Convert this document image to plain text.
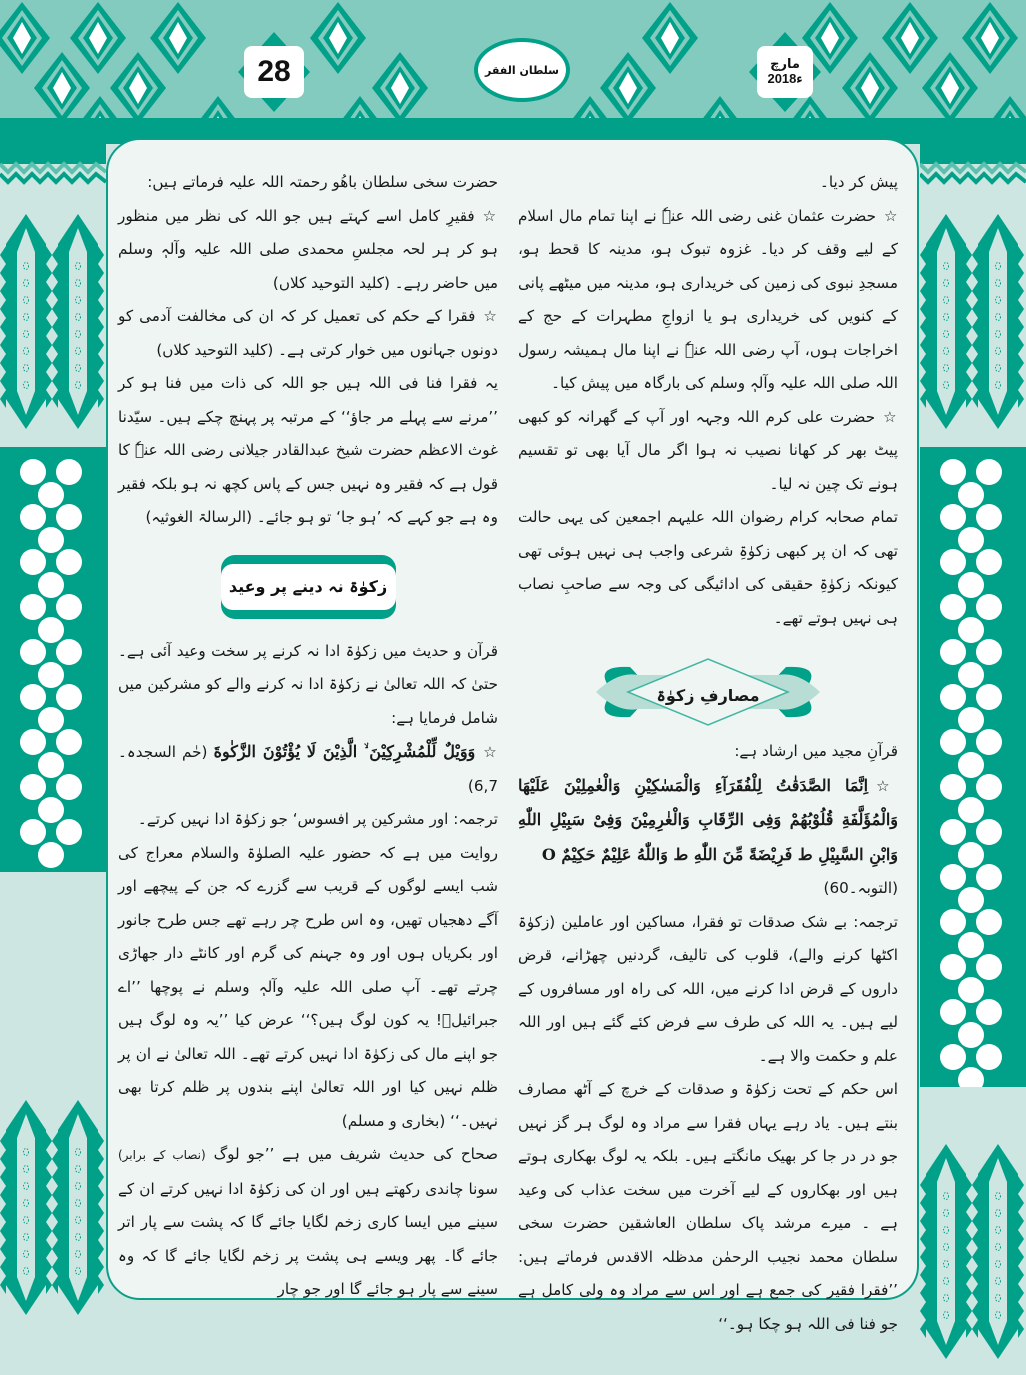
28	سلطان الفقر	مارچ
2018ء

پیش کر دیا۔

☆حضرت عثمان غنی رضی اللہ عنہٗ نے اپنا تمام مال اسلام کے لیے وقف کر دیا۔ غزوہ تبوک ہو، مدینہ کا قحط ہو، مسجدِ نبوی کی زمین کی خریداری ہو، مدینہ میں میٹھے پانی کے کنویں کی خریداری ہو یا ازواجِ مطہرات کے حج کے اخراجات ہوں، آپ رضی اللہ عنہٗ نے اپنا مال ہمیشہ رسول اللہ صلی اللہ علیہ وآلہٖ وسلم کی بارگاہ میں پیش کیا۔

☆حضرت علی کرم اللہ وجہہ اور آپ کے گھرانہ کو کبھی پیٹ بھر کر کھانا نصیب نہ ہوا اگر مال آیا بھی تو تقسیم ہونے تک چین نہ لیا۔

تمام صحابہ کرام رضوان اللہ علیہم اجمعین کی یہی حالت تھی کہ ان پر کبھی زکوٰۃِ شرعی واجب ہی نہیں ہوئی تھی کیونکہ زکوٰۃِ حقیقی کی ادائیگی کی وجہ سے صاحبِ نصاب ہی نہیں ہوتے تھے۔

مصارفِ زکوٰۃ

قرآنِ مجید میں ارشاد ہے:

☆اِنَّمَا الصَّدَقٰتُ لِلْفُقَرَآءِ وَالْمَسٰكِيْنِ وَالْعٰمِلِيْنَ عَلَيْهَا وَالْمُؤَلَّفَةِ قُلُوْبُهُمْ وَفِى الرِّقَابِ وَالْغٰرِمِيْنَ وَفِىْ سَبِيْلِ اللّٰهِ وَابْنِ السَّبِيْلِ ط فَرِيْضَةً مِّنَ اللّٰهِ ط وَاللّٰهُ عَلِيْمٌ حَكِيْمٌ O

(التوبہ۔60)

ترجمہ: بے شک صدقات تو فقرا، مساکین اور عاملین (زکوٰۃ اکٹھا کرنے والے)، قلوب کی تالیف، گردنیں چھڑانے، قرض داروں کے قرض ادا کرنے میں، اللہ کی راہ اور مسافروں کے لیے ہیں۔ یہ اللہ کی طرف سے فرض کئے گئے ہیں اور اللہ علم و حکمت والا ہے۔

اس حکم کے تحت زکوٰۃ و صدقات کے خرچ کے آٹھ مصارف بنتے ہیں۔ یاد رہے یہاں فقرا سے مراد وہ لوگ ہر گز نہیں جو در در جا کر بھیک مانگتے ہیں۔ بلکہ یہ لوگ بھکاری ہوتے ہیں اور بھکاروں کے لیے آخرت میں سخت عذاب کی وعید ہے ۔ میرے مرشد پاک سلطان العاشقین حضرت سخی سلطان محمد نجیب الرحمٰن مدظلہ الاقدس فرماتے ہیں: ’’فقرا فقیر کی جمع ہے اور اس سے مراد وہ ولی کامل ہے جو فنا فی اللہ ہو چکا ہو۔‘‘

حضرت سخی سلطان باھُو رحمتہ اللہ علیہ فرماتے ہیں:

☆فقیرِ کامل اسے کہتے ہیں جو اللہ کی نظر میں منظور ہو کر ہر لحہ مجلسِ محمدی صلی اللہ علیہ وآلہٖ وسلم میں حاضر رہے۔ (کلید التوحید کلاں)

☆فقرا کے حکم کی تعمیل کر کہ ان کی مخالفت آدمی کو دونوں جہانوں میں خوار کرتی ہے۔ (کلید التوحید کلاں)

یہ فقرا فنا فی اللہ ہیں جو اللہ کی ذات میں فنا ہو کر ’’مرنے سے پہلے مر جاؤ‘‘ کے مرتبہ پر پہنچ چکے ہیں۔ سیّدنا غوث الاعظم حضرت شیخ عبدالقادر جیلانی رضی اللہ عنہٗ کا قول ہے کہ فقیر وہ نہیں جس کے پاس کچھ نہ ہو بلکہ فقیر وہ ہے جو کہے کہ ’ہو جا‘ تو ہو جائے۔ (الرسالۃ الغوثیہ)

زکوٰۃ نہ دینے پر وعید

قرآن و حدیث میں زکوٰۃ ادا نہ کرنے پر سخت وعید آئی ہے۔ حتیٰ کہ اللہ تعالیٰ نے زکوٰۃ ادا نہ کرنے والے کو مشرکین میں شامل فرمایا ہے:

☆وَوَيْلٌ لِّلْمُشْرِكِيْنَ ۙ الَّذِيْنَ لَا يُؤْتُوْنَ الزَّكٰوةَ (حٰم السجدہ۔6,7)

ترجمہ: اور مشرکین پر افسوس‘ جو زکوٰۃ ادا نہیں کرتے۔

روایت میں ہے کہ حضور علیہ الصلوٰۃ والسلام معراج کی شب ایسے لوگوں کے قریب سے گزرے کہ جن کے پیچھے اور آگے دھجیاں تھیں، وہ اس طرح چر رہے تھے جس طرح جانور اور بکریاں ہوں اور وہ جہنم کی گرم اور کانٹے دار جھاڑی چرتے تھے۔ آپ صلی اللہ علیہ وآلہٖ وسلم نے پوچھا ’’اے جبرائیلؑ! یہ کون لوگ ہیں؟‘‘ عرض کیا ’’یہ وہ لوگ ہیں جو اپنے مال کی زکوٰۃ ادا نہیں کرتے تھے۔ اللہ تعالیٰ نے ان پر ظلم نہیں کیا اور اللہ تعالیٰ اپنے بندوں پر ظلم کرتا بھی نہیں۔‘‘ (بخاری و مسلم)

صحاح کی حدیث شریف میں ہے ’’جو لوگ (نصاب کے برابر) سونا چاندی رکھتے ہیں اور ان کی زکوٰۃ ادا نہیں کرتے ان کے سینے میں ایسا کاری زخم لگایا جائے گا کہ پشت سے پار اتر جائے گا۔ پھر ویسے ہی پشت پر زخم لگایا جائے گا کہ وہ سینے سے پار ہو جائے گا اور جو چار
